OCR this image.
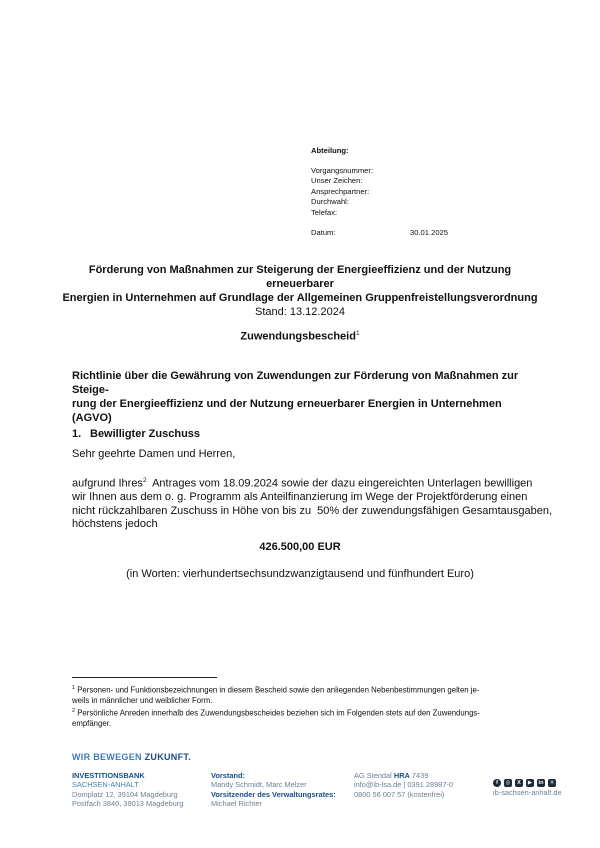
Abteilung:
Vorgangsnummer:
Unser Zeichen:
Ansprechpartner:
Durchwahl:
Telefax:
Datum:	30.01.2025
Förderung von Maßnahmen zur Steigerung der Energieeffizienz und der Nutzung erneuerbarer
Energien in Unternehmen auf Grundlage der Allgemeinen Gruppenfreistellungsverordnung
Stand: 13.12.2024
Zuwendungsbescheid$^1$
Richtlinie über die Gewährung von Zuwendungen zur Förderung von Maßnahmen zur Steige-
rung der Energieeffizienz und der Nutzung erneuerbarer Energien in Unternehmen (AGVO)
1. Bewilligter Zuschuss
Sehr geehrte Damen und Herren,
aufgrund Ihres$^2$  Antrages vom 18.09.2024 sowie der dazu eingereichten Unterlagen bewilligen
wir Ihnen aus dem o. g. Programm als Anteilfinanzierung im Wege der Projektförderung einen
nicht rückzahlbaren Zuschuss in Höhe von bis zu  50% der zuwendungsfähigen Gesamtausgaben,
höchstens jedoch
426.500,00 EUR
(in Worten: vierhundertsechsundzwanzigtausend und fünfhundert Euro)
$^1$ Personen- und Funktionsbezeichnungen in diesem Bescheid sowie den anliegenden Nebenbestimmungen gelten je-
weils in männlicher und weiblicher Form.
$^2$ Persönliche Anreden innerhalb des Zuwendungsbescheides beziehen sich im Folgenden stets auf den Zuwendungs-
empfänger.
WIR BEWEGEN ZUKUNFT.
INVESTITIONSBANK
SACHSEN-ANHALT
Domplatz 12, 39104 Magdeburg
Postfach 3840, 39013 Magdeburg
Vorstand:
Mandy Schmidt, Marc Melzer
Vorsitzender des Verwaltungsrates:
Michael Richter
AG Stendal HRA 7439
info@ib-lsa.de | 0391 28987-0
0800 56 007 57 (kostenfrei)
f	◎	X	▶	in	✕
ib-sachsen-anhalt.de
